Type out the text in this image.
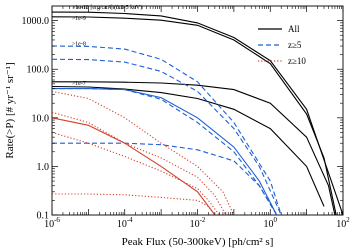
>1e-12 [erg/cm²] (0.2-5 keV)
>1e-9
>1e-8
>1e-7
All
z≥5
z≥10
$10^{-6}$	$10^{-4}$	$10^{-2}$	$10^0$	$10^2$
0.1
1.0
10.0
100.0
1000.0
Peak Flux (50-300keV) [ph/cm² s]
Rate(>P) [# yr⁻¹ sr⁻¹]
